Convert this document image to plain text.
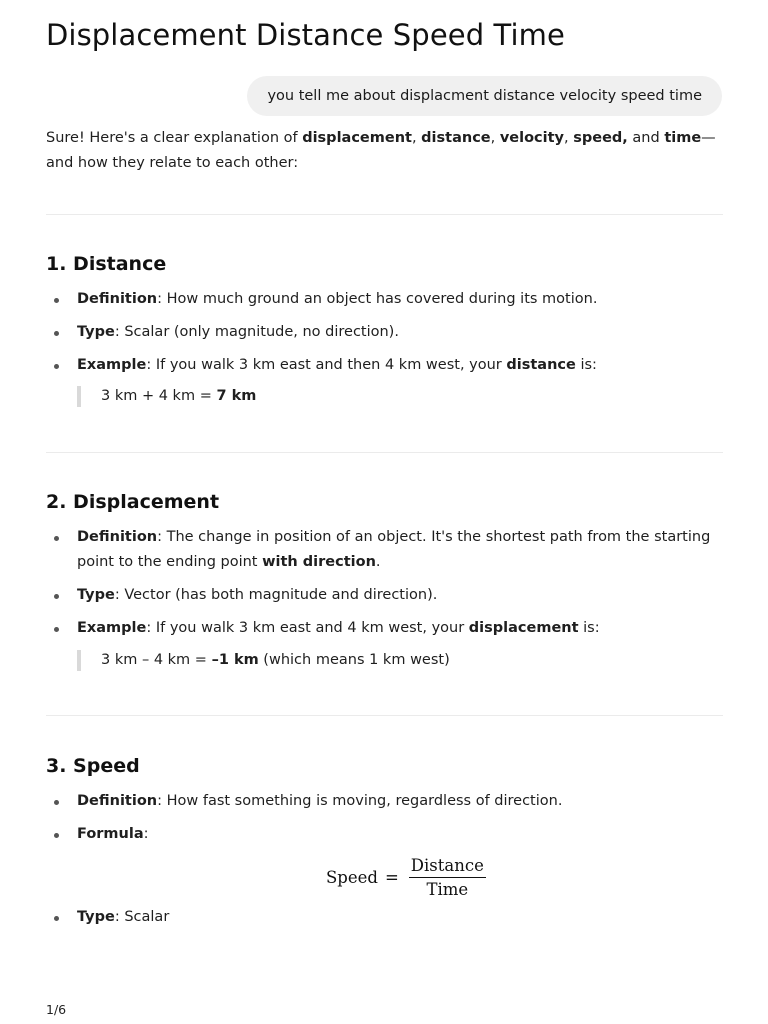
Displacement Distance Speed Time
you tell me about displacment distance velocity speed time

Sure! Here's a clear explanation of displacement, distance, velocity, speed, and time—and how they relate to each other:

1. Distance
Definition: How much ground an object has covered during its motion.
Type: Scalar (only magnitude, no direction).
Example: If you walk 3 km east and then 4 km west, your distance is:
3 km + 4 km = 7 km
2. Displacement
Definition: The change in position of an object. It's the shortest path from the starting point to the ending point with direction.
Type: Vector (has both magnitude and direction).
Example: If you walk 3 km east and 4 km west, your displacement is:
3 km – 4 km = –1 km (which means 1 km west)
3. Speed
Definition: How fast something is moving, regardless of direction.
Formula:
Speed = $\frac{\text{Distance}}{\text{Time}}$
Type: Scalar
1/6
